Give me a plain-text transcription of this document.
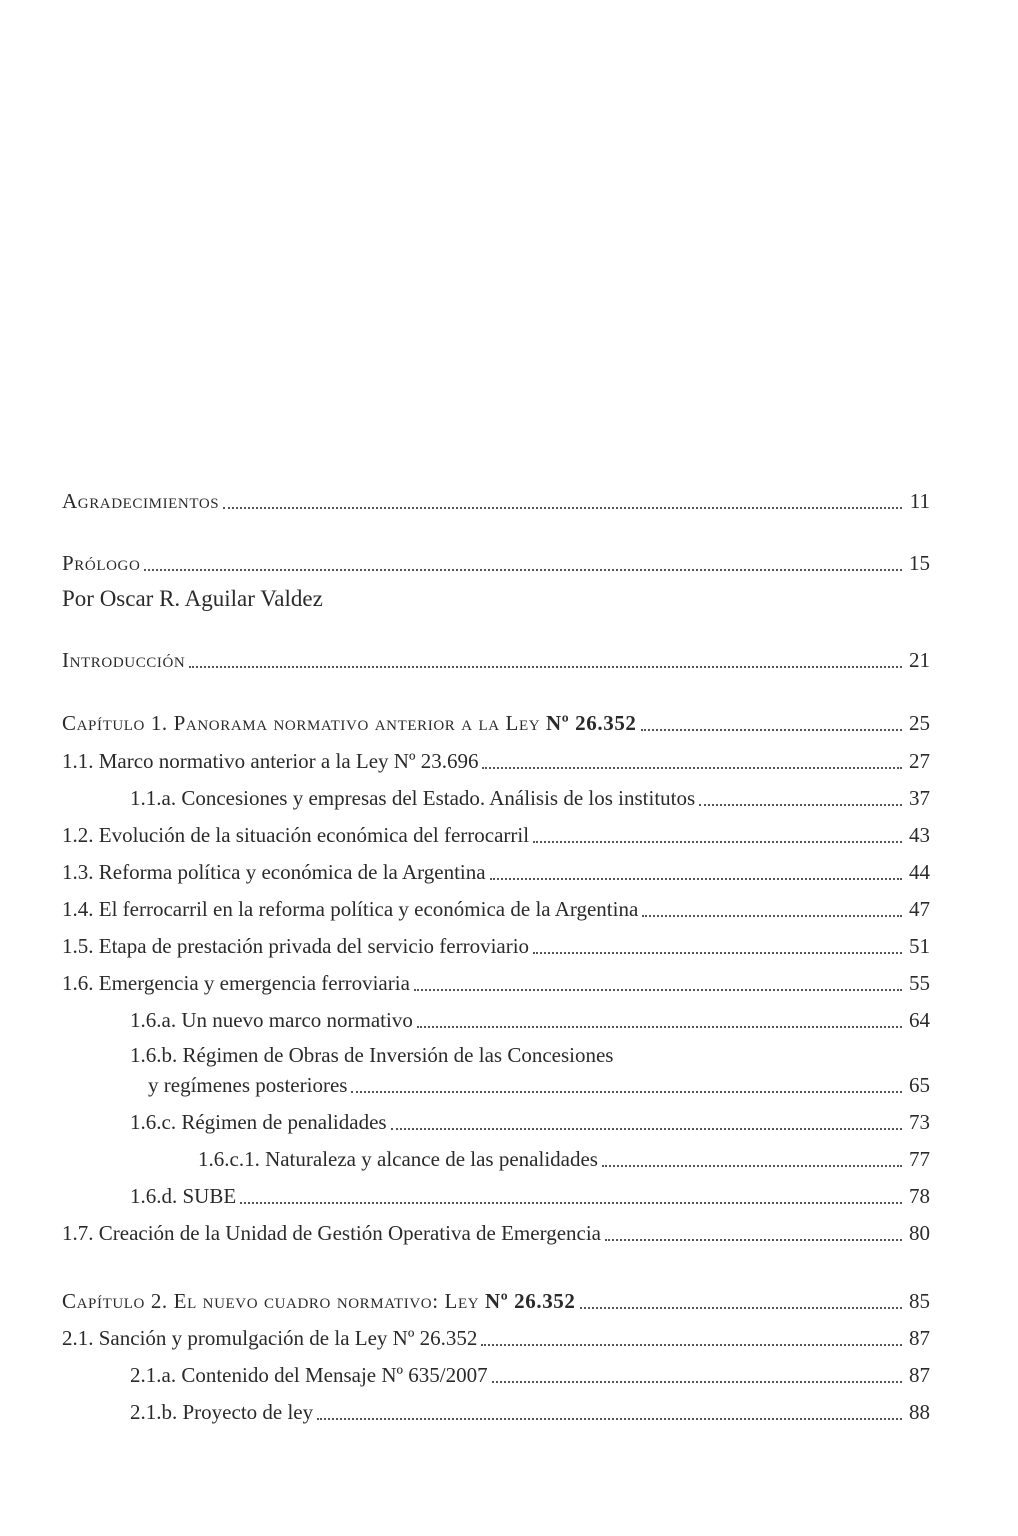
Agradecimientos	11
Prólogo	15
Por Oscar R. Aguilar Valdez
Introducción	21
Capítulo 1. Panorama normativo anterior a la Ley Nº 26.352	25
1.1. Marco normativo anterior a la Ley Nº 23.696	27
1.1.a. Concesiones y empresas del Estado. Análisis de los institutos	37
1.2. Evolución de la situación económica del ferrocarril	43
1.3. Reforma política y económica de la Argentina	44
1.4. El ferrocarril en la reforma política y económica de la Argentina	47
1.5. Etapa de prestación privada del servicio ferroviario	51
1.6. Emergencia y emergencia ferroviaria	55
1.6.a. Un nuevo marco normativo	64
1.6.b. Régimen de Obras de Inversión de las Concesiones
y regímenes posteriores	65
1.6.c. Régimen de penalidades	73
1.6.c.1. Naturaleza y alcance de las penalidades	77
1.6.d. SUBE	78
1.7. Creación de la Unidad de Gestión Operativa de Emergencia	80
Capítulo 2. El nuevo cuadro normativo: Ley Nº 26.352	85
2.1. Sanción y promulgación de la Ley Nº 26.352	87
2.1.a. Contenido del Mensaje Nº 635/2007	87
2.1.b. Proyecto de ley	88
